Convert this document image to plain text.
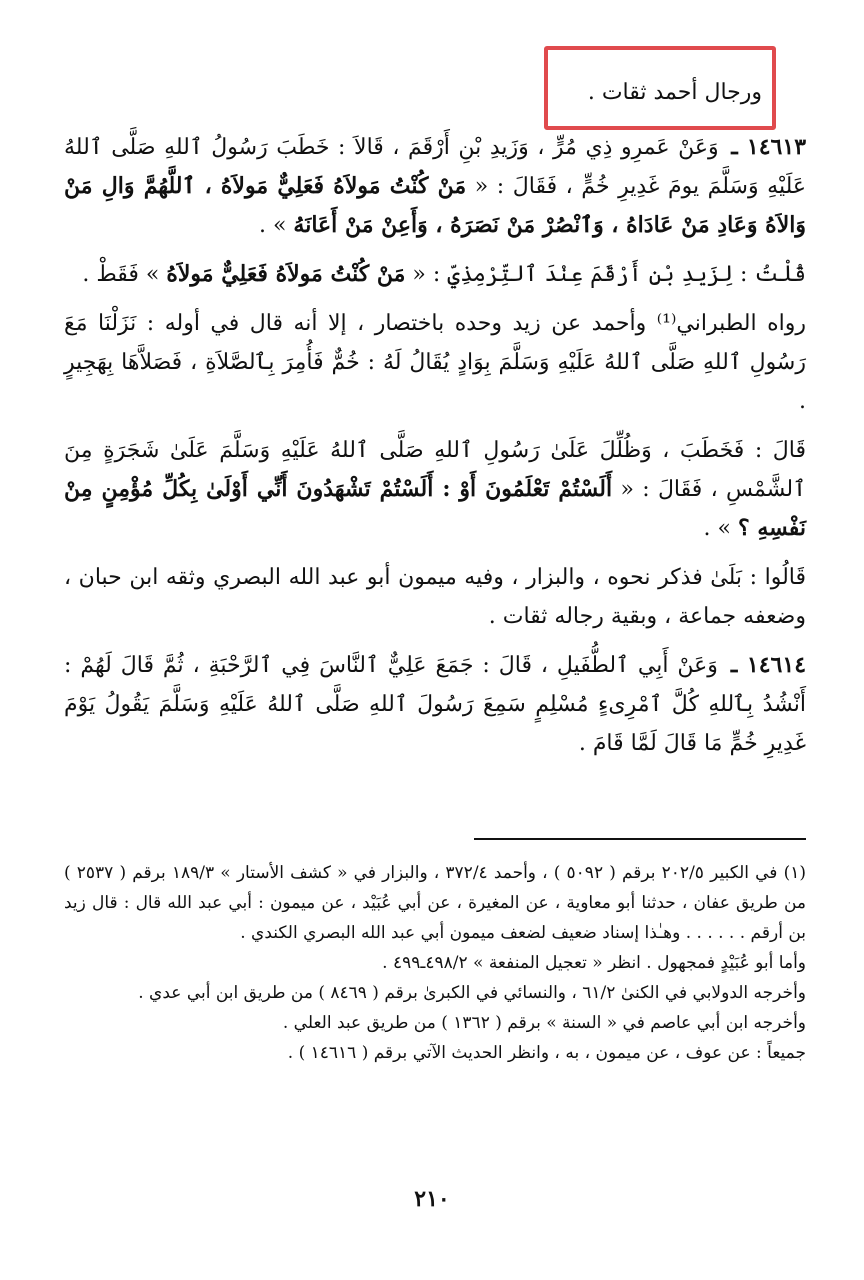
ورجال أحمد ثقات .

١٤٦١٣ ـ وَعَنْ عَمرِو ذِي مُرٍّ ، وَزَيدِ بْنِ أَرْقَمَ ، قَالاَ : خَطَبَ رَسُولُ ٱللهِ صَلَّى ٱللهُ عَلَيْهِ وَسَلَّمَ يومَ غَدِيرِ خُمٍّ ، فَقَالَ : « مَنْ كُنْتُ مَولاَهُ فَعَلِيٌّ مَولاَهُ ، ٱللَّهُمَّ وَالِ مَنْ وَالاَهُ وَعَادِ مَنْ عَادَاهُ ، وَٱنْصُرْ مَنْ نَصَرَهُ ، وَأَعِنْ مَنْ أَعَانَهُ » .

قُلْتُ : لِزَيدِ بْنِ أَرْقَمَ عِنْدَ ٱلتِّرْمِذِيِّ : « مَنْ كُنْتُ مَولاَهُ فَعَلِيٌّ مَولاَهُ » فَقَطْ .

رواه الطبراني⁽¹⁾ وأحمد عن زيد وحده باختصار ، إلا أنه قال في أوله : نَزَلْنَا مَعَ رَسُولِ ٱللهِ صَلَّى ٱللهُ عَلَيْهِ وَسَلَّمَ بِوَادٍ يُقَالُ لَهُ : خُمٌّ فَأُمِرَ بِٱلصَّلاَةِ ، فَصَلاَّهَا بِهَجِيرٍ .

قَالَ : فَخَطَبَ ، وَظُلِّلَ عَلَىٰ رَسُولِ ٱللهِ صَلَّى ٱللهُ عَلَيْهِ وَسَلَّمَ عَلَىٰ شَجَرَةٍ مِنَ ٱلشَّمْسِ ، فَقَالَ : « أَلَسْتُمْ تَعْلَمُونَ أَوْ : أَلَسْتُمْ تَشْهَدُونَ أَنِّي أَوْلَىٰ بِكُلِّ مُؤْمِنٍ مِنْ نَفْسِهِ ؟ » .

قَالُوا : بَلَىٰ فذكر نحوه ، والبزار ، وفيه ميمون أبو عبد الله البصري وثقه ابن حبان ، وضعفه جماعة ، وبقية رجاله ثقات .

١٤٦١٤ ـ وَعَنْ أَبِي ٱلطُّفَيلِ ، قَالَ : جَمَعَ عَلِيٌّ ٱلنَّاسَ فِي ٱلرَّحْبَةِ ، ثُمَّ قَالَ لَهُمْ : أَنْشُدُ بِٱللهِ كُلَّ ٱمْرِىءٍ مُسْلِمٍ سَمِعَ رَسُولَ ٱللهِ صَلَّى ٱللهُ عَلَيْهِ وَسَلَّمَ يَقُولُ يَوْمَ غَدِيرِ خُمٍّ مَا قَالَ لَمَّا قَامَ .

(١) في الكبير ٢٠٢/٥ برقم ( ٥٠٩٢ ) ، وأحمد ٣٧٢/٤ ، والبزار في « كشف الأستار » ١٨٩/٣ برقم ( ٢٥٣٧ ) من طريق عفان ، حدثنا أبو معاوية ، عن المغيرة ، عن أبي عُبَيْد ، عن ميمون : أبي عبد الله قال : قال زيد بن أرقم . . . . . . وهـٰذا إسناد ضعيف لضعف ميمون أبي عبد الله البصري الكندي .

وأما أبو عُبَيْدٍ فمجهول . انظر « تعجيل المنفعة » ٤٩٨/٢ـ٤٩٩ .

وأخرجه الدولابي في الكنىٰ ٦١/٢ ، والنسائي في الكبرىٰ برقم ( ٨٤٦٩ ) من طريق ابن أبي عدي .

وأخرجه ابن أبي عاصم في « السنة » برقم ( ١٣٦٢ ) من طريق عبد العلي .

جميعاً : عن عوف ، عن ميمون ، به ، وانظر الحديث الآتي برقم ( ١٤٦١٦ ) .

٢١٠
